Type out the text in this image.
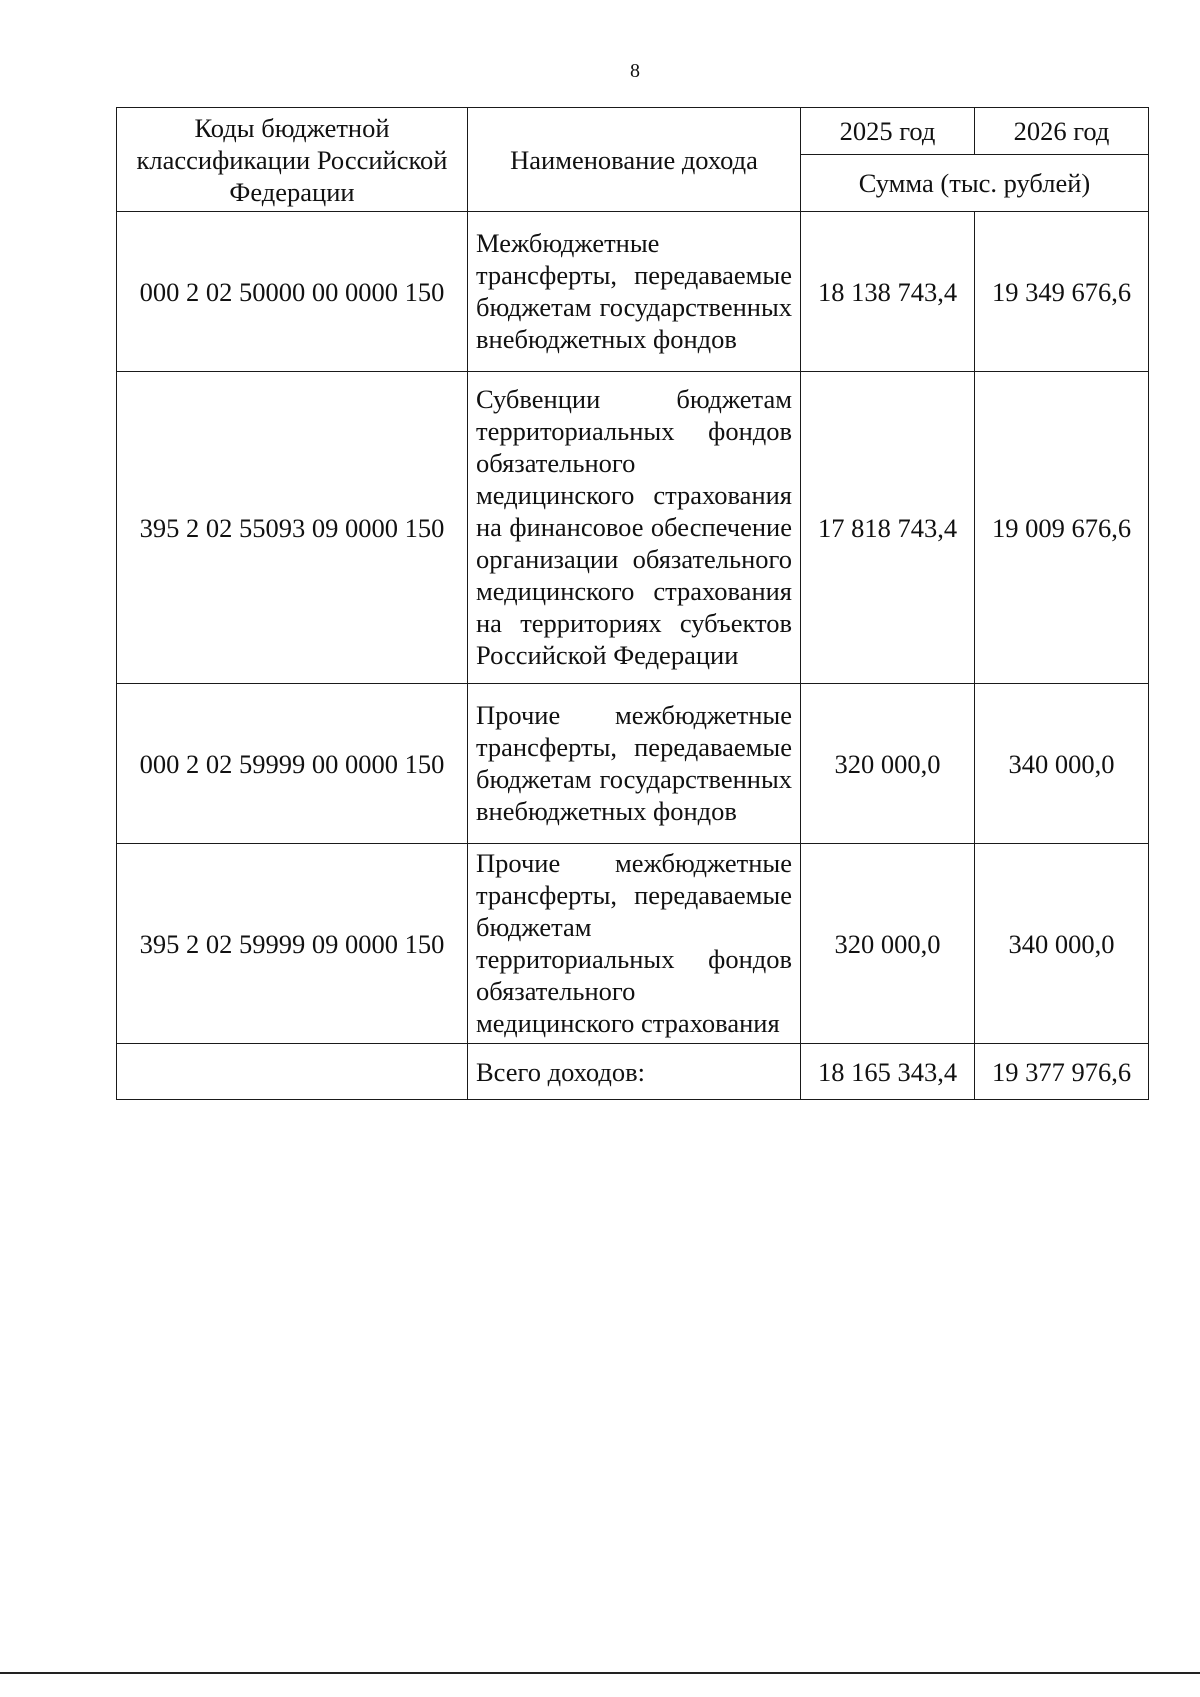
8
Коды бюджетной классификации Российской Федерации	Наименование дохода	2025 год	2026 год
		Сумма (тыс. рублей)	
000 2 02 50000 00 0000 150	Межбюджетные трансферты, передаваемые бюджетам государственных внебюджетных фондов	18 138 743,4	19 349 676,6
395 2 02 55093 09 0000 150	Субвенции бюджетам территориальных фондов обязательного медицинского страхования на финансовое обеспечение организации обязательного медицинского страхования на территориях субъектов Российской Федерации	17 818 743,4	19 009 676,6
000 2 02 59999 00 0000 150	Прочие межбюджетные трансферты, передаваемые бюджетам государственных внебюджетных фондов	320 000,0	340 000,0
395 2 02 59999 09 0000 150	Прочие межбюджетные трансферты, передаваемые бюджетам территориальных фондов обязательного медицинского страхования	320 000,0	340 000,0
	Всего доходов:	18 165 343,4	19 377 976,6
